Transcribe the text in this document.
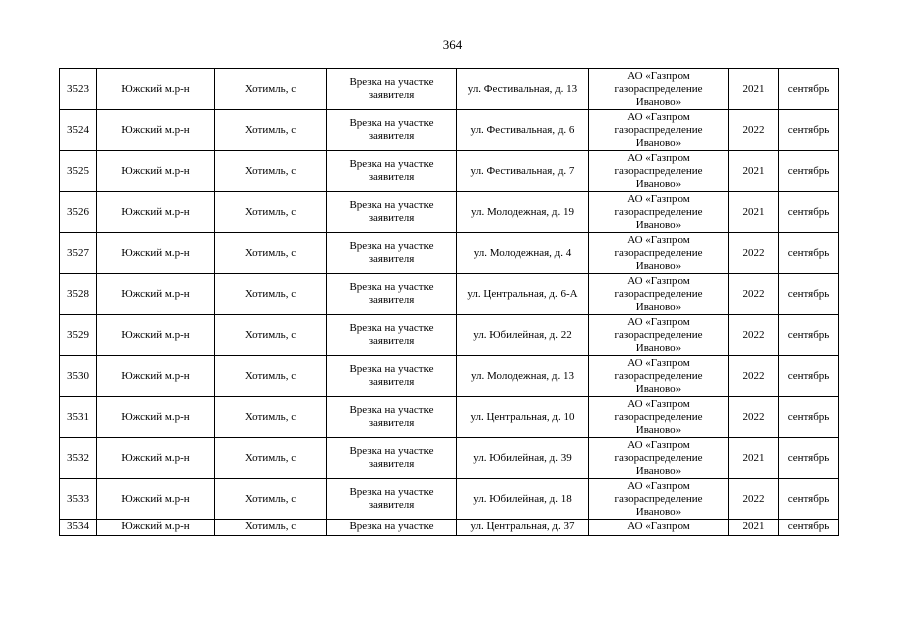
364
3523	Южский м.р-н	Хотимль, с	Врезка на участке заявителя	ул. Фестивальная, д. 13	АО «Газпром газораспределение Иваново»	2021	сентябрь

3524	Южский м.р-н	Хотимль, с	Врезка на участке заявителя	ул. Фестивальная, д. 6	АО «Газпром газораспределение Иваново»	2022	сентябрь

3525	Южский м.р-н	Хотимль, с	Врезка на участке заявителя	ул. Фестивальная, д. 7	АО «Газпром газораспределение Иваново»	2021	сентябрь

3526	Южский м.р-н	Хотимль, с	Врезка на участке заявителя	ул. Молодежная, д. 19	АО «Газпром газораспределение Иваново»	2021	сентябрь

3527	Южский м.р-н	Хотимль, с	Врезка на участке заявителя	ул. Молодежная, д. 4	АО «Газпром газораспределение Иваново»	2022	сентябрь

3528	Южский м.р-н	Хотимль, с	Врезка на участке заявителя	ул. Центральная, д. 6-А	АО «Газпром газораспределение Иваново»	2022	сентябрь

3529	Южский м.р-н	Хотимль, с	Врезка на участке заявителя	ул. Юбилейная, д. 22	АО «Газпром газораспределение Иваново»	2022	сентябрь

3530	Южский м.р-н	Хотимль, с	Врезка на участке заявителя	ул. Молодежная, д. 13	АО «Газпром газораспределение Иваново»	2022	сентябрь

3531	Южский м.р-н	Хотимль, с	Врезка на участке заявителя	ул. Центральная, д. 10	АО «Газпром газораспределение Иваново»	2022	сентябрь

3532	Южский м.р-н	Хотимль, с	Врезка на участке заявителя	ул. Юбилейная, д. 39	АО «Газпром газораспределение Иваново»	2021	сентябрь

3533	Южский м.р-н	Хотимль, с	Врезка на участке заявителя	ул. Юбилейная, д. 18	АО «Газпром газораспределение Иваново»	2022	сентябрь

3534	Южский м.р-н	Хотимль, с	Врезка на участке	ул. Центральная, д. 37	АО «Газпром	2021	сентябрь
